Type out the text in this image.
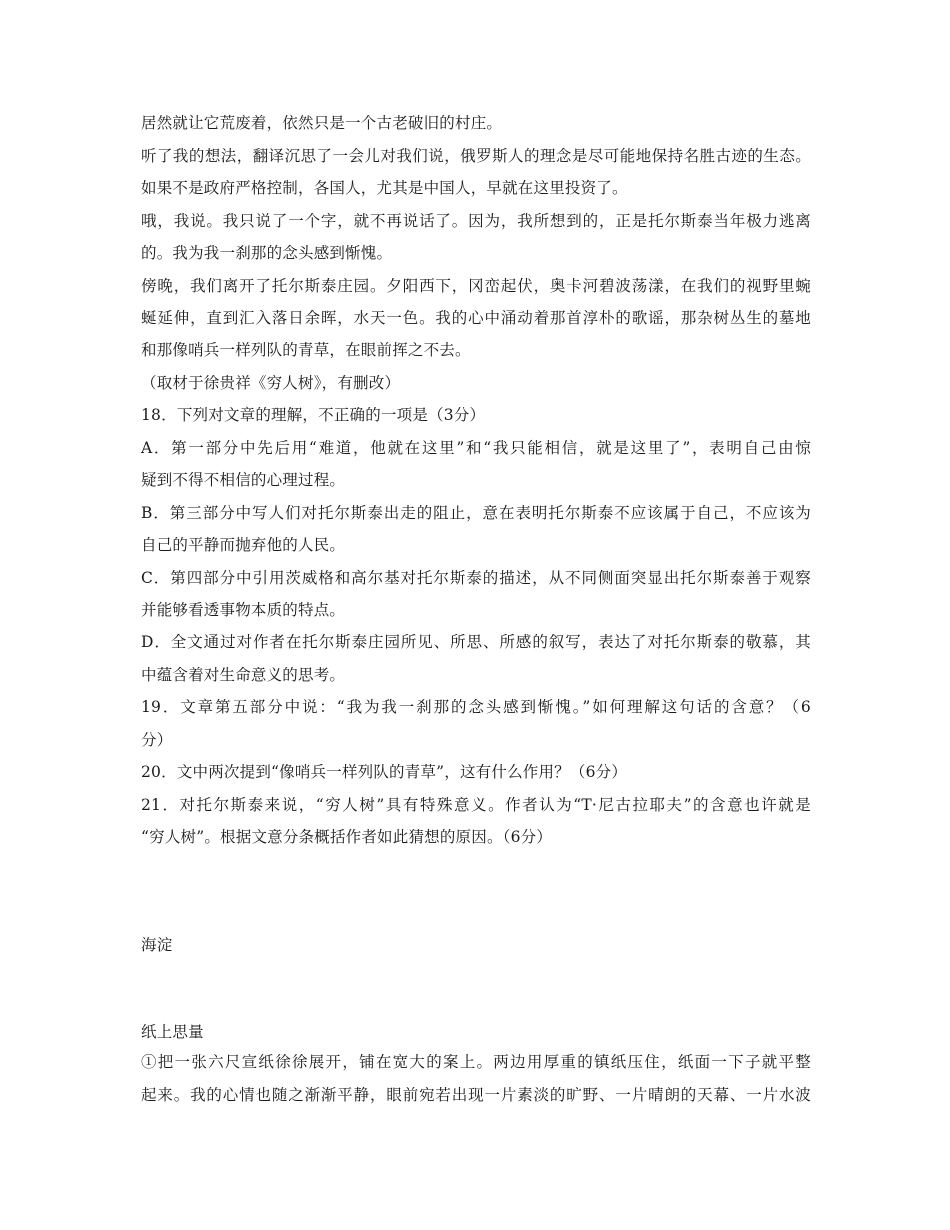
居然就让它荒废着，依然只是一个古老破旧的村庄。
听了我的想法，翻译沉思了一会儿对我们说，俄罗斯人的理念是尽可能地保持名胜古迹的生态。
如果不是政府严格控制，各国人，尤其是中国人，早就在这里投资了。
哦，我说。我只说了一个字，就不再说话了。因为，我所想到的，正是托尔斯泰当年极力逃离
的。我为我一刹那的念头感到惭愧。
傍晚，我们离开了托尔斯泰庄园。夕阳西下，冈峦起伏，奥卡河碧波荡漾，在我们的视野里蜿
蜒延伸，直到汇入落日余晖，水天一色。我的心中涌动着那首淳朴的歌谣，那杂树丛生的墓地
和那像哨兵一样列队的青草，在眼前挥之不去。
（取材于徐贵祥《穷人树》，有删改）
18．下列对文章的理解，不正确的一项是（3分）
A．第一部分中先后用“难道，他就在这里”和“我只能相信，就是这里了”，表明自己由惊
疑到不得不相信的心理过程。
B．第三部分中写人们对托尔斯泰出走的阻止，意在表明托尔斯泰不应该属于自己，不应该为
自己的平静而抛弃他的人民。
C．第四部分中引用茨威格和高尔基对托尔斯泰的描述，从不同侧面突显出托尔斯泰善于观察
并能够看透事物本质的特点。
D．全文通过对作者在托尔斯泰庄园所见、所思、所感的叙写，表达了对托尔斯泰的敬慕，其
中蕴含着对生命意义的思考。
19．文章第五部分中说：“我为我一刹那的念头感到惭愧。”如何理解这句话的含意？（6
分）
20．文中两次提到“像哨兵一样列队的青草”，这有什么作用？（6分）
21．对托尔斯泰来说，“穷人树”具有特殊意义。作者认为“T·尼古拉耶夫”的含意也许就是
“穷人树”。根据文意分条概括作者如此猜想的原因。（6分）
海淀
纸上思量
①把一张六尺宣纸徐徐展开，铺在宽大的案上。两边用厚重的镇纸压住，纸面一下子就平整
起来。我的心情也随之渐渐平静，眼前宛若出现一片素淡的旷野、一片晴朗的天幕、一片水波
